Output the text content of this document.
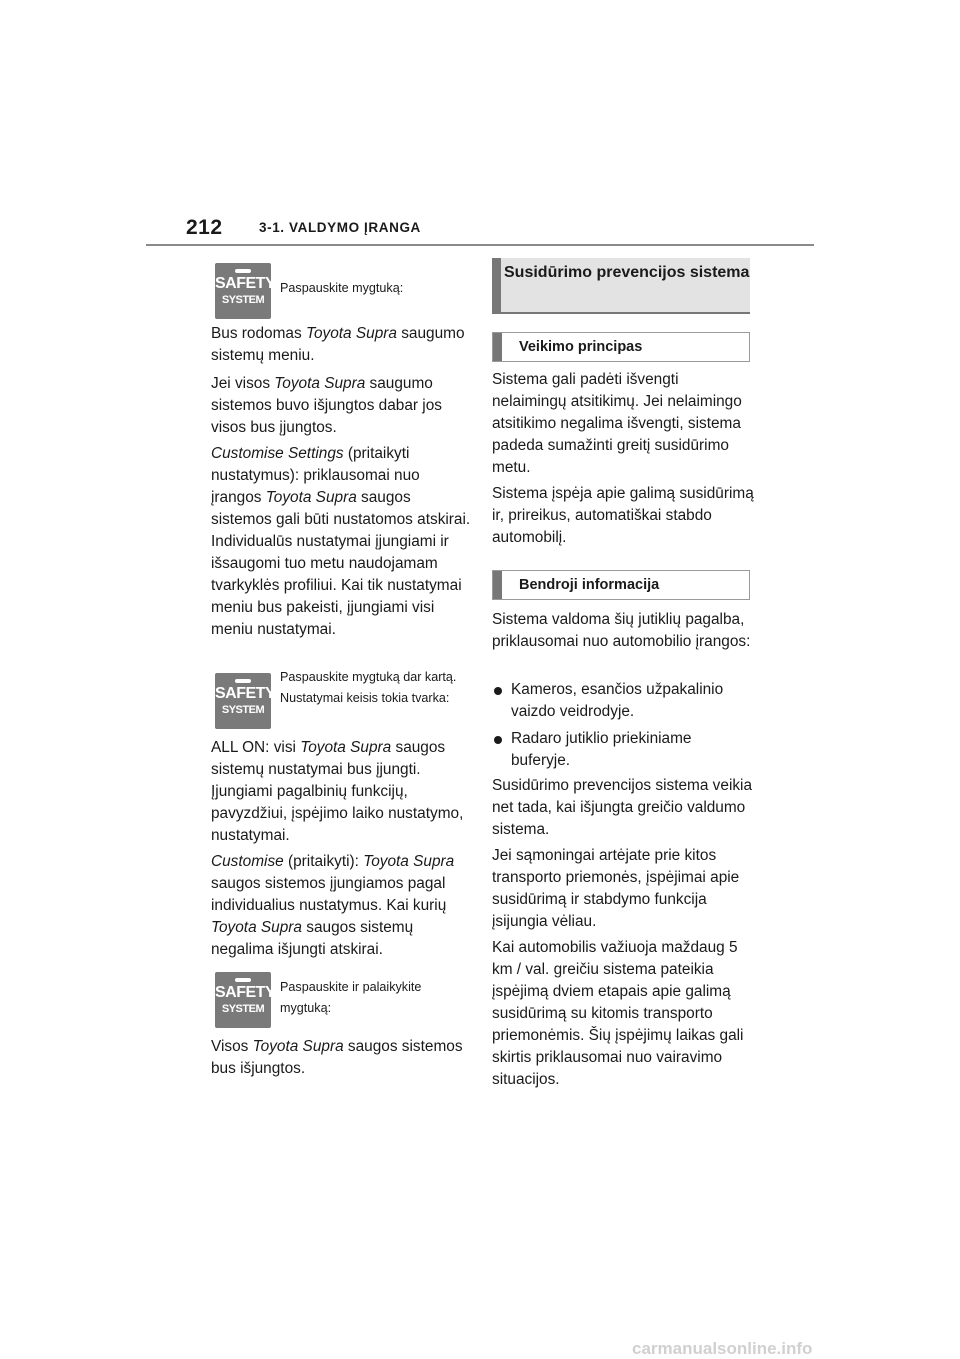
212	3-1. VALDYMO ĮRANGA
SAFETY
SYSTEM
Paspauskite mygtuką:

Bus rodomas Toyota Supra saugumo sistemų meniu.

Jei visos Toyota Supra saugumo sistemos buvo išjungtos dabar jos visos bus įjungtos.

Customise Settings (pritaikyti nustatymus): priklausomai nuo įrangos Toyota Supra saugos sistemos gali būti nustatomos atskirai. Individualūs nustatymai įjungiami ir išsaugomi tuo metu naudojamam tvarkyklės profiliui. Kai tik nustatymai meniu bus pakeisti, įjungiami visi meniu nustatymai.

SAFETY
SYSTEM
Paspauskite mygtuką dar kartą. Nustatymai keisis tokia tvarka:

ALL ON: visi Toyota Supra saugos sistemų nustatymai bus įjungti. Įjungiami pagalbinių funkcijų, pavyzdžiui, įspėjimo laiko nustatymo, nustatymai.

Customise (pritaikyti): Toyota Supra saugos sistemos įjungiamos pagal individualius nustatymus. Kai kurių Toyota Supra saugos sistemų negalima išjungti atskirai.

SAFETY
SYSTEM
Paspauskite ir palaikykite mygtuką:

Visos Toyota Supra saugos sistemos bus išjungtos.

Susidūrimo prevencijos sistema
Veikimo principas

Sistema gali padėti išvengti nelaimingų atsitikimų. Jei nelaimingo atsitikimo negalima išvengti, sistema padeda sumažinti greitį susidūrimo metu.

Sistema įspėja apie galimą susidūrimą ir, prireikus, automatiškai stabdo automobilį.

Bendroji informacija

Sistema valdoma šių jutiklių pagalba, priklausomai nuo automobilio įrangos:

Kameros, esančios užpakalinio vaizdo veidrodyje.
Radaro jutiklio priekiniame buferyje.

Susidūrimo prevencijos sistema veikia net tada, kai išjungta greičio valdumo sistema.

Jei sąmoningai artėjate prie kitos transporto priemonės, įspėjimai apie susidūrimą ir stabdymo funkcija įsijungia vėliau.

Kai automobilis važiuoja maždaug 5 km / val. greičiu sistema pateikia įspėjimą dviem etapais apie galimą susidūrimą su kitomis transporto priemonėmis. Šių įspėjimų laikas gali skirtis priklausomai nuo vairavimo situacijos.

carmanualsonline.info
